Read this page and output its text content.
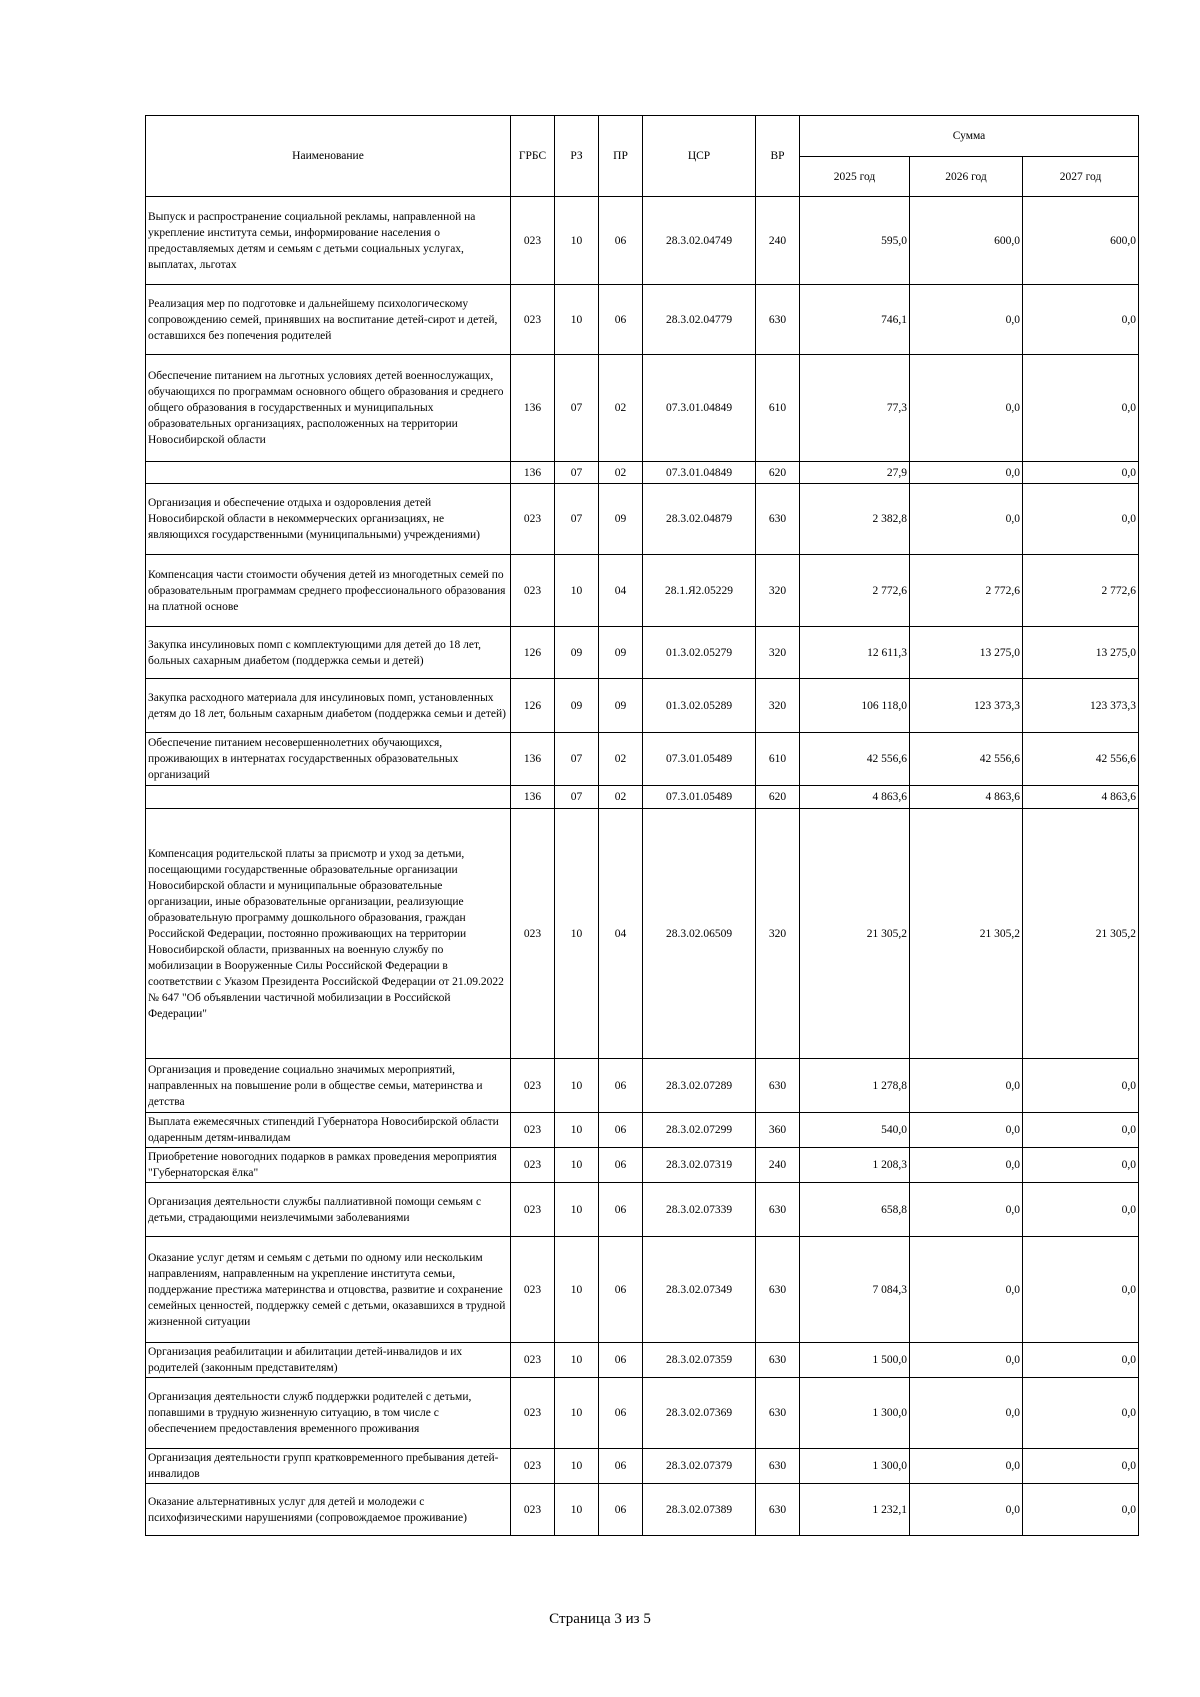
Наименование	ГРБС	РЗ	ПР	ЦСР	ВР	Сумма		
						2025 год	2026 год	2027 год
Выпуск и распространение социальной рекламы, направленной на укрепление института семьи, информирование населения о предоставляемых детям и семьям с детьми социальных услугах, выплатах, льготах	023	10	06	28.3.02.04749	240	595,0	600,0	600,0
Реализация мер по подготовке и дальнейшему психологическому сопровождению семей, принявших на воспитание детей-сирот и детей, оставшихся без попечения родителей	023	10	06	28.3.02.04779	630	746,1	0,0	0,0
Обеспечение питанием на льготных условиях детей военнослужащих, обучающихся по программам основного общего образования и среднего общего образования в государственных и муниципальных образовательных организациях, расположенных на территории Новосибирской области	136	07	02	07.3.01.04849	610	77,3	0,0	0,0
	136	07	02	07.3.01.04849	620	27,9	0,0	0,0
Организация и обеспечение отдыха и оздоровления детей Новосибирской области в некоммерческих организациях, не являющихся государственными (муниципальными) учреждениями)	023	07	09	28.3.02.04879	630	2 382,8	0,0	0,0
Компенсация части стоимости обучения детей из многодетных семей по образовательным программам среднего профессионального образования на платной основе	023	10	04	28.1.Я2.05229	320	2 772,6	2 772,6	2 772,6
Закупка инсулиновых помп с комплектующими для детей до 18 лет, больных сахарным диабетом (поддержка семьи и детей)	126	09	09	01.3.02.05279	320	12 611,3	13 275,0	13 275,0
Закупка расходного материала для инсулиновых помп, установленных детям до 18 лет, больным сахарным диабетом (поддержка семьи и детей)	126	09	09	01.3.02.05289	320	106 118,0	123 373,3	123 373,3
Обеспечение питанием несовершеннолетних обучающихся, проживающих в интернатах государственных образовательных организаций	136	07	02	07.3.01.05489	610	42 556,6	42 556,6	42 556,6
	136	07	02	07.3.01.05489	620	4 863,6	4 863,6	4 863,6
Компенсация родительской платы за присмотр и уход за детьми, посещающими государственные образовательные организации Новосибирской области и муниципальные образовательные организации, иные образовательные организации, реализующие образовательную программу дошкольного образования, граждан Российской Федерации, постоянно проживающих на территории Новосибирской области, призванных на военную службу по мобилизации в Вооруженные Силы Российской Федерации в соответствии с Указом Президента Российской Федерации от 21.09.2022 № 647 "Об объявлении частичной мобилизации в Российской Федерации"	023	10	04	28.3.02.06509	320	21 305,2	21 305,2	21 305,2
Организация и проведение социально значимых мероприятий, направленных на повышение роли в обществе семьи, материнства и детства	023	10	06	28.3.02.07289	630	1 278,8	0,0	0,0
Выплата ежемесячных стипендий Губернатора Новосибирской области одаренным детям-инвалидам	023	10	06	28.3.02.07299	360	540,0	0,0	0,0
Приобретение новогодних подарков в рамках проведения мероприятия "Губернаторская ёлка"	023	10	06	28.3.02.07319	240	1 208,3	0,0	0,0
Организация деятельности службы паллиативной помощи семьям с детьми, страдающими неизлечимыми заболеваниями	023	10	06	28.3.02.07339	630	658,8	0,0	0,0
Оказание услуг детям и семьям с детьми по одному или нескольким направлениям, направленным на укрепление института семьи, поддержание престижа материнства и отцовства, развитие и сохранение семейных ценностей, поддержку семей с детьми, оказавшихся в трудной жизненной ситуации	023	10	06	28.3.02.07349	630	7 084,3	0,0	0,0
Организация реабилитации и абилитации детей-инвалидов и их родителей (законным представителям)	023	10	06	28.3.02.07359	630	1 500,0	0,0	0,0
Организация деятельности служб поддержки родителей с детьми, попавшими в трудную жизненную ситуацию, в том числе с обеспечением предоставления временного проживания	023	10	06	28.3.02.07369	630	1 300,0	0,0	0,0
Организация деятельности групп кратковременного пребывания детей-инвалидов	023	10	06	28.3.02.07379	630	1 300,0	0,0	0,0
Оказание альтернативных услуг для детей и молодежи с психофизическими нарушениями (сопровождаемое проживание)	023	10	06	28.3.02.07389	630	1 232,1	0,0	0,0
Страница 3 из 5
